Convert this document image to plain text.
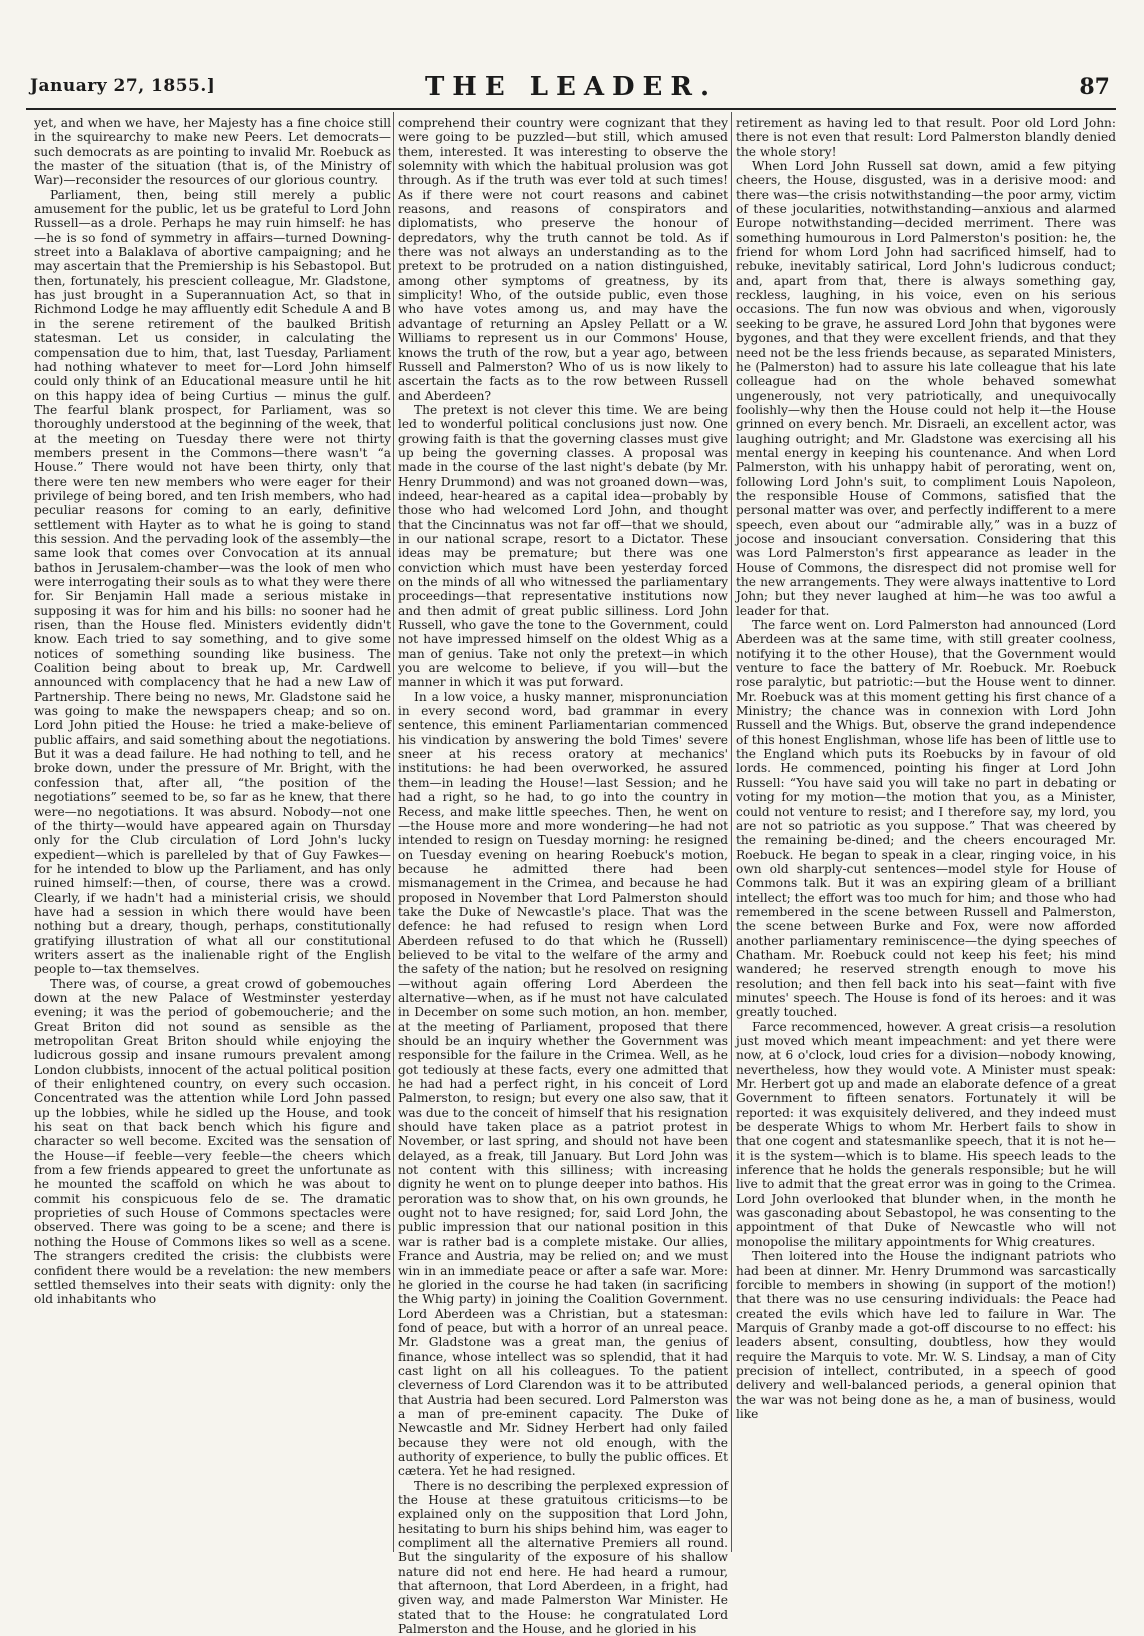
January 27, 1855.]	THE LEADER.	87

yet, and when we have, her Majesty has a fine choice still in the squirearchy to make new Peers. Let democrats—such democrats as are pointing to invalid Mr. Roebuck as the master of the situation (that is, of the Ministry of War)—reconsider the resources of our glorious country.

Parliament, then, being still merely a public amusement for the public, let us be grateful to Lord John Russell—as a drole. Perhaps he may ruin himself: he has—he is so fond of symmetry in affairs—turned Downing-street into a Balaklava of abortive campaigning; and he may ascertain that the Premiership is his Sebastopol. But then, fortunately, his prescient colleague, Mr. Gladstone, has just brought in a Superannuation Act, so that in Richmond Lodge he may affluently edit Schedule A and B in the serene retirement of the baulked British statesman. Let us consider, in calculating the compensation due to him, that, last Tuesday, Parliament had nothing whatever to meet for—Lord John himself could only think of an Educational measure until he hit on this happy idea of being Curtius — minus the gulf. The fearful blank prospect, for Parliament, was so thoroughly understood at the beginning of the week, that at the meeting on Tuesday there were not thirty members present in the Commons—there wasn't “a House.” There would not have been thirty, only that there were ten new members who were eager for their privilege of being bored, and ten Irish members, who had peculiar reasons for coming to an early, definitive settlement with Hayter as to what he is going to stand this session. And the pervading look of the assembly—the same look that comes over Convocation at its annual bathos in Jerusalem-chamber—was the look of men who were interrogating their souls as to what they were there for. Sir Benjamin Hall made a serious mistake in supposing it was for him and his bills: no sooner had he risen, than the House fled. Ministers evidently didn't know. Each tried to say something, and to give some notices of something sounding like business. The Coalition being about to break up, Mr. Cardwell announced with complacency that he had a new Law of Partnership. There being no news, Mr. Gladstone said he was going to make the newspapers cheap; and so on. Lord John pitied the House: he tried a make-believe of public affairs, and said something about the negotiations. But it was a dead failure. He had nothing to tell, and he broke down, under the pressure of Mr. Bright, with the confession that, after all, “the position of the negotiations” seemed to be, so far as he knew, that there were—no negotiations. It was absurd. Nobody—not one of the thirty—would have appeared again on Thursday only for the Club circulation of Lord John's lucky expedient—which is parelleled by that of Guy Fawkes—for he intended to blow up the Parliament, and has only ruined himself:—then, of course, there was a crowd. Clearly, if we hadn't had a ministerial crisis, we should have had a session in which there would have been nothing but a dreary, though, perhaps, constitutionally gratifying illustration of what all our constitutional writers assert as the inalienable right of the English people to—tax themselves.

There was, of course, a great crowd of gobemouches down at the new Palace of Westminster yesterday evening; it was the period of gobemoucherie; and the Great Briton did not sound as sensible as the metropolitan Great Briton should while enjoying the ludicrous gossip and insane rumours prevalent among London clubbists, innocent of the actual political position of their enlightened country, on every such occasion. Concentrated was the attention while Lord John passed up the lobbies, while he sidled up the House, and took his seat on that back bench which his figure and character so well become. Excited was the sensation of the House—if feeble—very feeble—the cheers which from a few friends appeared to greet the unfortunate as he mounted the scaffold on which he was about to commit his conspicuous felo de se. The dramatic proprieties of such House of Commons spectacles were observed. There was going to be a scene; and there is nothing the House of Commons likes so well as a scene. The strangers credited the crisis: the clubbists were confident there would be a revelation: the new members settled themselves into their seats with dignity: only the old inhabitants who

comprehend their country were cognizant that they were going to be puzzled—but still, which amused them, interested. It was interesting to observe the solemnity with which the habitual prolusion was got through. As if the truth was ever told at such times! As if there were not court reasons and cabinet reasons, and reasons of conspirators and diplomatists, who preserve the honour of depredators, why the truth cannot be told. As if there was not always an understanding as to the pretext to be protruded on a nation distinguished, among other symptoms of greatness, by its simplicity! Who, of the outside public, even those who have votes among us, and may have the advantage of returning an Apsley Pellatt or a W. Williams to represent us in our Commons' House, knows the truth of the row, but a year ago, between Russell and Palmerston? Who of us is now likely to ascertain the facts as to the row between Russell and Aberdeen?

The pretext is not clever this time. We are being led to wonderful political conclusions just now. One growing faith is that the governing classes must give up being the governing classes. A proposal was made in the course of the last night's debate (by Mr. Henry Drummond) and was not groaned down—was, indeed, hear-heared as a capital idea—probably by those who had welcomed Lord John, and thought that the Cincinnatus was not far off—that we should, in our national scrape, resort to a Dictator. These ideas may be premature; but there was one conviction which must have been yesterday forced on the minds of all who witnessed the parliamentary proceedings—that representative institutions now and then admit of great public silliness. Lord John Russell, who gave the tone to the Government, could not have impressed himself on the oldest Whig as a man of genius. Take not only the pretext—in which you are welcome to believe, if you will—but the manner in which it was put forward.

In a low voice, a husky manner, mispronunciation in every second word, bad grammar in every sentence, this eminent Parliamentarian commenced his vindication by answering the bold Times' severe sneer at his recess oratory at mechanics' institutions: he had been overworked, he assured them—in leading the House!—last Session; and he had a right, so he had, to go into the country in Recess, and make little speeches. Then, he went on—the House more and more wondering—he had not intended to resign on Tuesday morning: he resigned on Tuesday evening on hearing Roebuck's motion, because he admitted there had been mismanagement in the Crimea, and because he had proposed in November that Lord Palmerston should take the Duke of Newcastle's place. That was the defence: he had refused to resign when Lord Aberdeen refused to do that which he (Russell) believed to be vital to the welfare of the army and the safety of the nation; but he resolved on resigning—without again offering Lord Aberdeen the alternative—when, as if he must not have calculated in December on some such motion, an hon. member, at the meeting of Parliament, proposed that there should be an inquiry whether the Government was responsible for the failure in the Crimea. Well, as he got tediously at these facts, every one admitted that he had had a perfect right, in his conceit of Lord Palmerston, to resign; but every one also saw, that it was due to the conceit of himself that his resignation should have taken place as a patriot protest in November, or last spring, and should not have been delayed, as a freak, till January. But Lord John was not content with this silliness; with increasing dignity he went on to plunge deeper into bathos. His peroration was to show that, on his own grounds, he ought not to have resigned; for, said Lord John, the public impression that our national position in this war is rather bad is a complete mistake. Our allies, France and Austria, may be relied on; and we must win in an immediate peace or after a safe war. More: he gloried in the course he had taken (in sacrificing the Whig party) in joining the Coalition Government. Lord Aberdeen was a Christian, but a statesman: fond of peace, but with a horror of an unreal peace. Mr. Gladstone was a great man, the genius of finance, whose intellect was so splendid, that it had cast light on all his colleagues. To the patient cleverness of Lord Clarendon was it to be attributed that Austria had been secured. Lord Palmerston was a man of pre-eminent capacity. The Duke of Newcastle and Mr. Sidney Herbert had only failed because they were not old enough, with the authority of experience, to bully the public offices. Et cætera. Yet he had resigned.

There is no describing the perplexed expression of the House at these gratuitous criticisms—to be explained only on the supposition that Lord John, hesitating to burn his ships behind him, was eager to compliment all the alternative Premiers all round. But the singularity of the exposure of his shallow nature did not end here. He had heard a rumour, that afternoon, that Lord Aberdeen, in a fright, had given way, and made Palmerston War Minister. He stated that to the House: he congratulated Lord Palmerston and the House, and he gloried in his

retirement as having led to that result. Poor old Lord John: there is not even that result: Lord Palmerston blandly denied the whole story!

When Lord John Russell sat down, amid a few pitying cheers, the House, disgusted, was in a derisive mood: and there was—the crisis notwithstanding—the poor army, victim of these jocularities, notwithstanding—anxious and alarmed Europe notwithstanding—decided merriment. There was something humourous in Lord Palmerston's position: he, the friend for whom Lord John had sacrificed himself, had to rebuke, inevitably satirical, Lord John's ludicrous conduct; and, apart from that, there is always something gay, reckless, laughing, in his voice, even on his serious occasions. The fun now was obvious and when, vigorously seeking to be grave, he assured Lord John that bygones were bygones, and that they were excellent friends, and that they need not be the less friends because, as separated Ministers, he (Palmerston) had to assure his late colleague that his late colleague had on the whole behaved somewhat ungenerously, not very patriotically, and unequivocally foolishly—why then the House could not help it—the House grinned on every bench. Mr. Disraeli, an excellent actor, was laughing outright; and Mr. Gladstone was exercising all his mental energy in keeping his countenance. And when Lord Palmerston, with his unhappy habit of perorating, went on, following Lord John's suit, to compliment Louis Napoleon, the responsible House of Commons, satisfied that the personal matter was over, and perfectly indifferent to a mere speech, even about our “admirable ally,” was in a buzz of jocose and insouciant conversation. Considering that this was Lord Palmerston's first appearance as leader in the House of Commons, the disrespect did not promise well for the new arrangements. They were always inattentive to Lord John; but they never laughed at him—he was too awful a leader for that.

The farce went on. Lord Palmerston had announced (Lord Aberdeen was at the same time, with still greater coolness, notifying it to the other House), that the Government would venture to face the battery of Mr. Roebuck. Mr. Roebuck rose paralytic, but patriotic:—but the House went to dinner. Mr. Roebuck was at this moment getting his first chance of a Ministry; the chance was in connexion with Lord John Russell and the Whigs. But, observe the grand independence of this honest Englishman, whose life has been of little use to the England which puts its Roebucks by in favour of old lords. He commenced, pointing his finger at Lord John Russell: “You have said you will take no part in debating or voting for my motion—the motion that you, as a Minister, could not venture to resist; and I therefore say, my lord, you are not so patriotic as you suppose.” That was cheered by the remaining be-dined; and the cheers encouraged Mr. Roebuck. He began to speak in a clear, ringing voice, in his own old sharply-cut sentences—model style for House of Commons talk. But it was an expiring gleam of a brilliant intellect; the effort was too much for him; and those who had remembered in the scene between Russell and Palmerston, the scene between Burke and Fox, were now afforded another parliamentary reminiscence—the dying speeches of Chatham. Mr. Roebuck could not keep his feet; his mind wandered; he reserved strength enough to move his resolution; and then fell back into his seat—faint with five minutes' speech. The House is fond of its heroes: and it was greatly touched.

Farce recommenced, however. A great crisis—a resolution just moved which meant impeachment: and yet there were now, at 6 o'clock, loud cries for a division—nobody knowing, nevertheless, how they would vote. A Minister must speak: Mr. Herbert got up and made an elaborate defence of a great Government to fifteen senators. Fortunately it will be reported: it was exquisitely delivered, and they indeed must be desperate Whigs to whom Mr. Herbert fails to show in that one cogent and statesmanlike speech, that it is not he—it is the system—which is to blame. His speech leads to the inference that he holds the generals responsible; but he will live to admit that the great error was in going to the Crimea. Lord John overlooked that blunder when, in the month he was gasconading about Sebastopol, he was consenting to the appointment of that Duke of Newcastle who will not monopolise the military appointments for Whig creatures.

Then loitered into the House the indignant patriots who had been at dinner. Mr. Henry Drummond was sarcastically forcible to members in showing (in support of the motion!) that there was no use censuring individuals: the Peace had created the evils which have led to failure in War. The Marquis of Granby made a got-off discourse to no effect: his leaders absent, consulting, doubtless, how they would require the Marquis to vote. Mr. W. S. Lindsay, a man of City precision of intellect, contributed, in a speech of good delivery and well-balanced periods, a general opinion that the war was not being done as he, a man of business, would like
